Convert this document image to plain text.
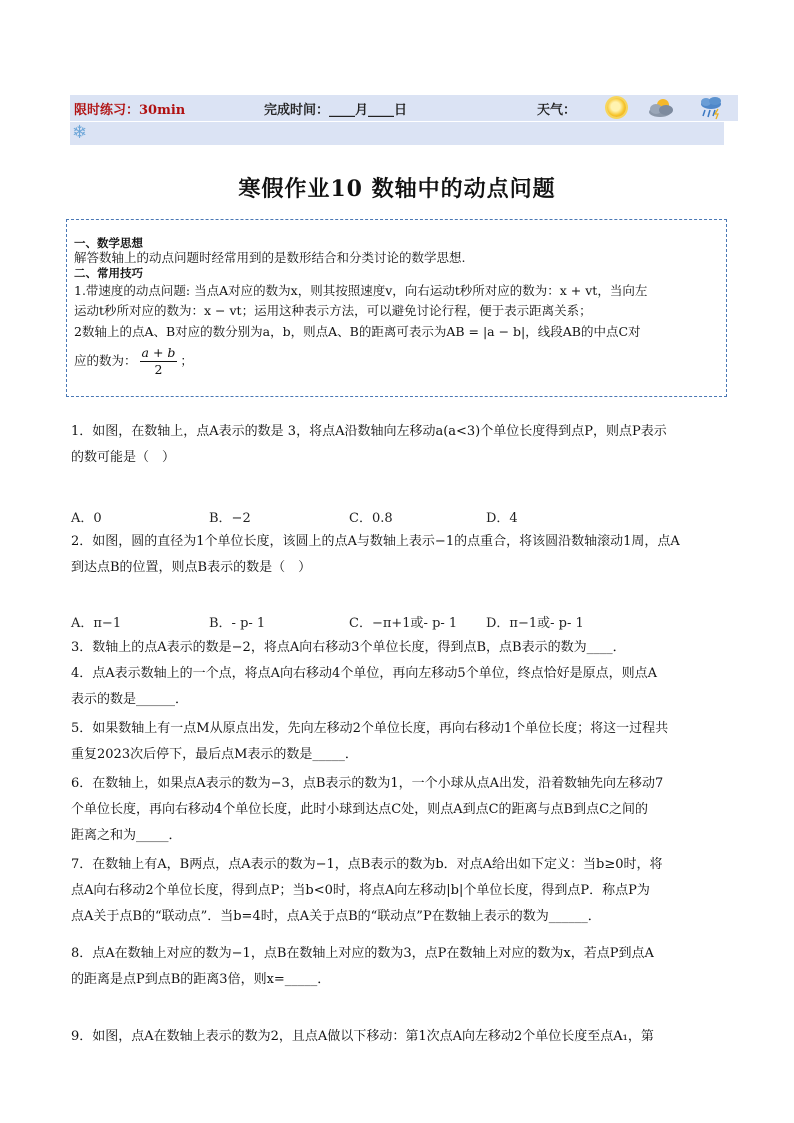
限时练习：30min	完成时间：____月____日	天气：
❄
寒假作业10 数轴中的动点问题
一、数学思想
解答数轴上的动点问题时经常用到的是数形结合和分类讨论的数学思想.
二、常用技巧
1.带速度的动点问题: 当点A对应的数为x，则其按照速度v，向右运动t秒所对应的数为：x + vt，当向左
运动t秒所对应的数为：x − vt；运用这种表示方法，可以避免讨论行程，便于表示距离关系；
2数轴上的点A、B对应的数分别为a，b，则点A、B的距离可表示为AB = |a − b|，线段AB的中点C对
应的数为： $\frac{a + b}{2}$ ；
1．如图，在数轴上，点A表示的数是 3，将点A沿数轴向左移动a(a<3)个单位长度得到点P，则点P表示
的数可能是（　）
A．0	B．−2	C．0.8	D．4
2．如图，圆的直径为1个单位长度，该圆上的点A与数轴上表示−1的点重合，将该圆沿数轴滚动1周，点A
到达点B的位置，则点B表示的数是（　）
A．π−1	B．- p- 1	C．−π+1或- p- 1 D．π−1或- p- 1
3．数轴上的点A表示的数是−2，将点A向右移动3个单位长度，得到点B，点B表示的数为____．
4．点A表示数轴上的一个点，将点A向右移动4个单位，再向左移动5个单位，终点恰好是原点，则点A
表示的数是______．
5．如果数轴上有一点M从原点出发，先向左移动2个单位长度，再向右移动1个单位长度；将这一过程共
重复2023次后停下，最后点M表示的数是_____．
6．在数轴上，如果点A表示的数为−3，点B表示的数为1，一个小球从点A出发，沿着数轴先向左移动7
个单位长度，再向右移动4个单位长度，此时小球到达点C处，则点A到点C的距离与点B到点C之间的
距离之和为_____．
7．在数轴上有A，B两点，点A表示的数为−1，点B表示的数为b．对点A给出如下定义：当b≥0时，将
点A向右移动2个单位长度，得到点P；当b<0时，将点A向左移动|b|个单位长度，得到点P．称点P为
点A关于点B的“联动点”．当b=4时，点A关于点B的“联动点”P在数轴上表示的数为______．
8．点A在数轴上对应的数为−1，点B在数轴上对应的数为3，点P在数轴上对应的数为x，若点P到点A
的距离是点P到点B的距离3倍，则x=_____．
9．如图，点A在数轴上表示的数为2，且点A做以下移动：第1次点A向左移动2个单位长度至点A₁，第
